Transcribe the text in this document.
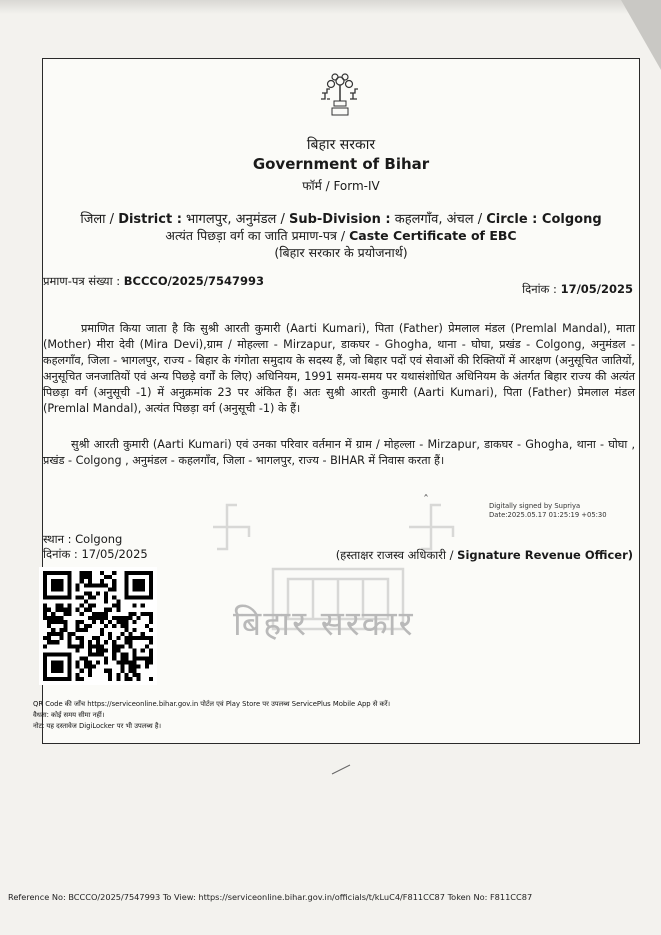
बिहार सरकार
Government of Bihar
फॉर्म / Form-IV
जिला / District : भागलपुर, अनुमंडल / Sub-Division : कहलगाँव, अंचल / Circle : Colgong
अत्यंत पिछड़ा वर्ग का जाति प्रमाण-पत्र / Caste Certificate of EBC
(बिहार सरकार के प्रयोजनार्थ)
प्रमाण-पत्र संख्या : BCCCO/2025/7547993
दिनांक : 17/05/2025
बिहार सरकार
प्रमाणित किया जाता है कि सुश्री आरती कुमारी (Aarti Kumari), पिता (Father) प्रेमलाल मंडल (Premlal Mandal), माता (Mother) मीरा देवी (Mira Devi),ग्राम / मोहल्ला - Mirzapur, डाकघर - Ghogha, थाना - घोघा, प्रखंड - Colgong, अनुमंडल - कहलगाँव, जिला - भागलपुर, राज्य - बिहार के गंगोता समुदाय के सदस्य हैं, जो बिहार पदों एवं सेवाओं की रिक्तियों में आरक्षण (अनुसूचित जातियों, अनुसूचित जनजातियों एवं अन्य पिछड़े वर्गों के लिए) अधिनियम, 1991 समय-समय पर यथासंशोधित अधिनियम के अंतर्गत बिहार राज्य की अत्यंत पिछड़ा वर्ग (अनुसूची -1) में अनुक्रमांक 23 पर अंकित हैं। अतः सुश्री आरती कुमारी (Aarti Kumari), पिता (Father) प्रेमलाल मंडल (Premlal Mandal), अत्यंत पिछड़ा वर्ग (अनुसूची -1) के हैं।
सुश्री आरती कुमारी (Aarti Kumari) एवं उनका परिवार वर्तमान में ग्राम / मोहल्ला - Mirzapur, डाकघर - Ghogha, थाना - घोघा , प्रखंड - Colgong , अनुमंडल - कहलगाँव, जिला - भागलपुर, राज्य - BIHAR में निवास करता हैं।
ˆ	Digitally signed by Supriya
Date:2025.05.17 01:25:19 +05:30
स्थान : Colgong
दिनांक : 17/05/2025	(हस्ताक्षर राजस्व अधिकारी / Signature Revenue Officer)
QR Code की जाँच https://serviceonline.bihar.gov.in पोर्टल एवं Play Store पर उपलब्ध ServicePlus Mobile App से करें।
वैधता: कोई समय सीमा नहीं।
नोट: यह दस्तावेज DigiLocker पर भी उपलब्ध है।
Reference No: BCCCO/2025/7547993 To View: https://serviceonline.bihar.gov.in/officials/t/kLuC4/F811CC87 Token No: F811CC87
